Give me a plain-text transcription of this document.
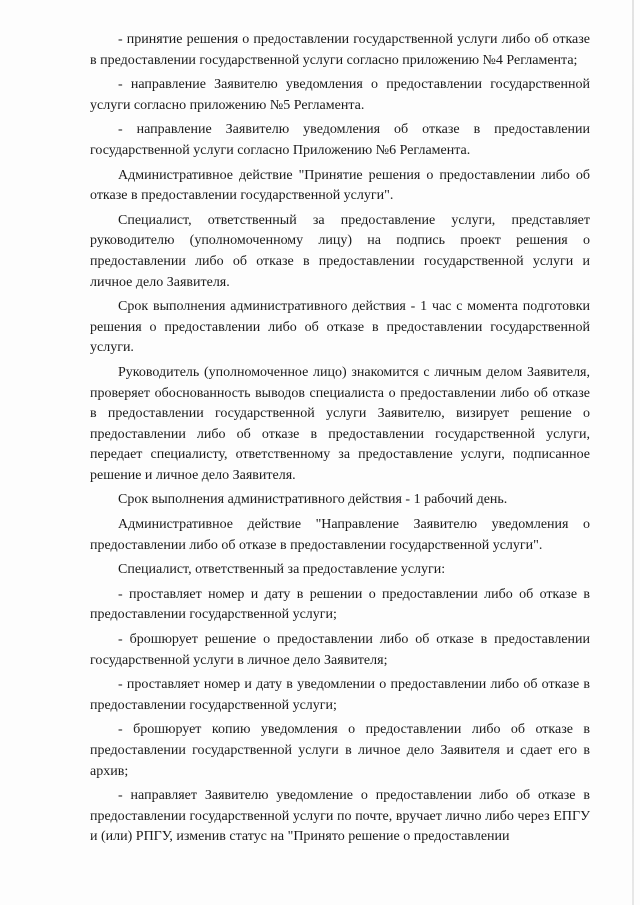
- принятие решения о предоставлении государственной услуги либо об отказе в предоставлении государственной услуги согласно приложению №4 Регламента;

- направление Заявителю уведомления о предоставлении государственной услуги согласно приложению №5 Регламента.

- направление Заявителю уведомления об отказе в предоставлении государственной услуги согласно Приложению №6 Регламента.

Административное действие "Принятие решения о предоставлении либо об отказе в предоставлении государственной услуги".

Специалист, ответственный за предоставление услуги, представляет руководителю (уполномоченному лицу) на подпись проект решения о предоставлении либо об отказе в предоставлении государственной услуги и личное дело Заявителя.

Срок выполнения административного действия - 1 час с момента подготовки решения о предоставлении либо об отказе в предоставлении государственной услуги.

Руководитель (уполномоченное лицо) знакомится с личным делом Заявителя, проверяет обоснованность выводов специалиста о предоставлении либо об отказе в предоставлении государственной услуги Заявителю, визирует решение о предоставлении либо об отказе в предоставлении государственной услуги, передает специалисту, ответственному за предоставление услуги, подписанное решение и личное дело Заявителя.

Срок выполнения административного действия - 1 рабочий день.

Административное действие "Направление Заявителю уведомления о предоставлении либо об отказе в предоставлении государственной услуги".

Специалист, ответственный за предоставление услуги:

- проставляет номер и дату в решении о предоставлении либо об отказе в предоставлении государственной услуги;

- брошюрует решение о предоставлении либо об отказе в предоставлении государственной услуги в личное дело Заявителя;

- проставляет номер и дату в уведомлении о предоставлении либо об отказе в предоставлении государственной услуги;

- брошюрует копию уведомления о предоставлении либо об отказе в предоставлении государственной услуги в личное дело Заявителя и сдает его в архив;

- направляет Заявителю уведомление о предоставлении либо об отказе в предоставлении государственной услуги по почте, вручает лично либо через ЕПГУ и (или) РПГУ, изменив статус на "Принято решение о предоставлении
